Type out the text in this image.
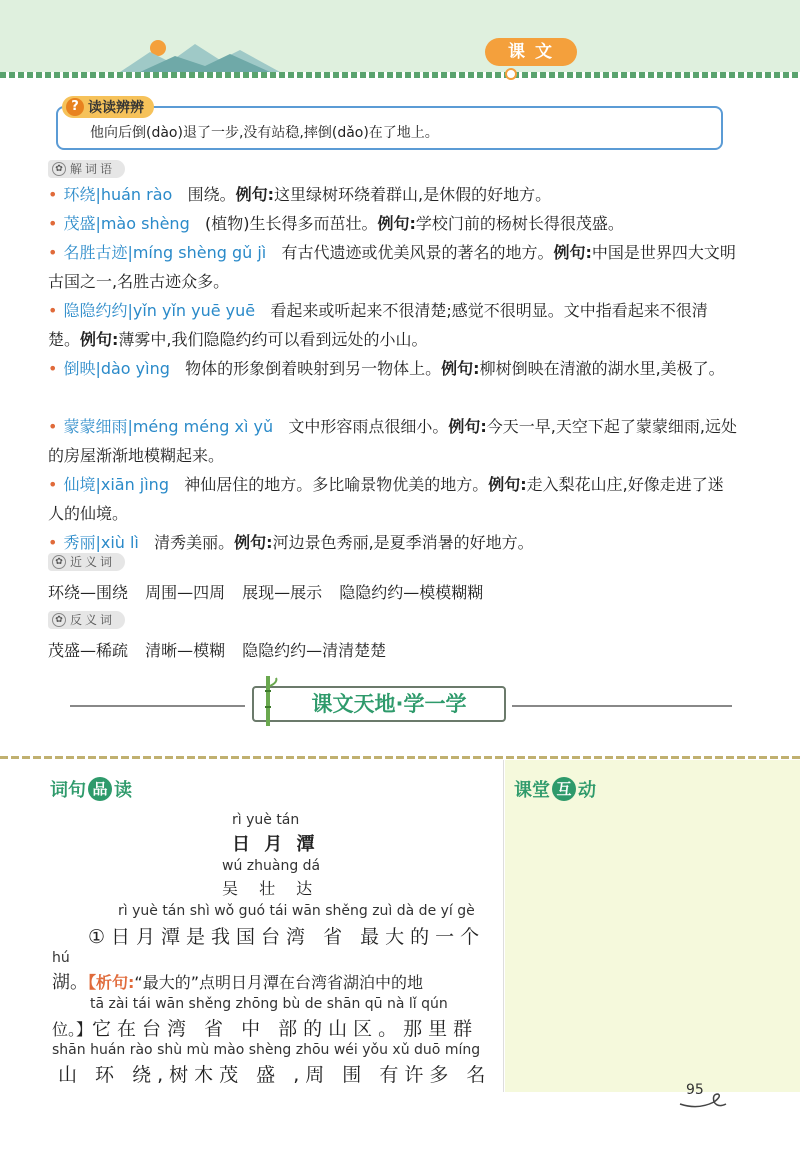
课文
? 读读辨辨
他向后倒(dào)退了一步,没有站稳,摔倒(dǎo)在了地上。
✿ 解词语
• 环绕|huán rào 围绕。例句:这里绿树环绕着群山,是休假的好地方。
• 茂盛|mào shèng (植物)生长得多而茁壮。例句:学校门前的杨树长得很茂盛。
• 名胜古迹|míng shèng gǔ jì 有古代遗迹或优美风景的著名的地方。例句:中国是世界四大文明古国之一,名胜古迹众多。
• 隐隐约约|yǐn yǐn yuē yuē 看起来或听起来不很清楚;感觉不很明显。文中指看起来不很清楚。例句:薄雾中,我们隐隐约约可以看到远处的小山。
• 倒映|dào yìng 物体的形象倒着映射到另一物体上。例句:柳树倒映在清澈的湖水里,美极了。
• 蒙蒙细雨|méng méng xì yǔ 文中形容雨点很细小。例句:今天一早,天空下起了蒙蒙细雨,远处的房屋渐渐地模糊起来。
• 仙境|xiān jìng 神仙居住的地方。多比喻景物优美的地方。例句:走入梨花山庄,好像走进了迷人的仙境。
• 秀丽|xiù lì 清秀美丽。例句:河边景色秀丽,是夏季消暑的好地方。
✿ 近义词
环绕—围绕 周围—四周 展现—展示 隐隐约约—模模糊糊
✿ 反义词
茂盛—稀疏 清晰—模糊 隐隐约约—清清楚楚
课文天地·学一学
词句 品 读	课堂 互 动
rì yuè tán
日 月 潭
wú zhuàng dá
吴 壮 达
rì yuè tán shì wǒ guó tái wān shěng zuì dà de yí gè
①日月潭是我国台湾 省 最大的一个
hú
湖。【析句:“最大的”点明日月潭在台湾省湖泊中的地
tā zài tái wān shěng zhōng bù de shān qū nà lǐ qún
位。】它在台湾 省 中 部的山区。那里群
shān huán rào shù mù mào shèng zhōu wéi yǒu xǔ duō míng
山 环 绕,树木茂 盛 ,周 围 有许多 名
95
